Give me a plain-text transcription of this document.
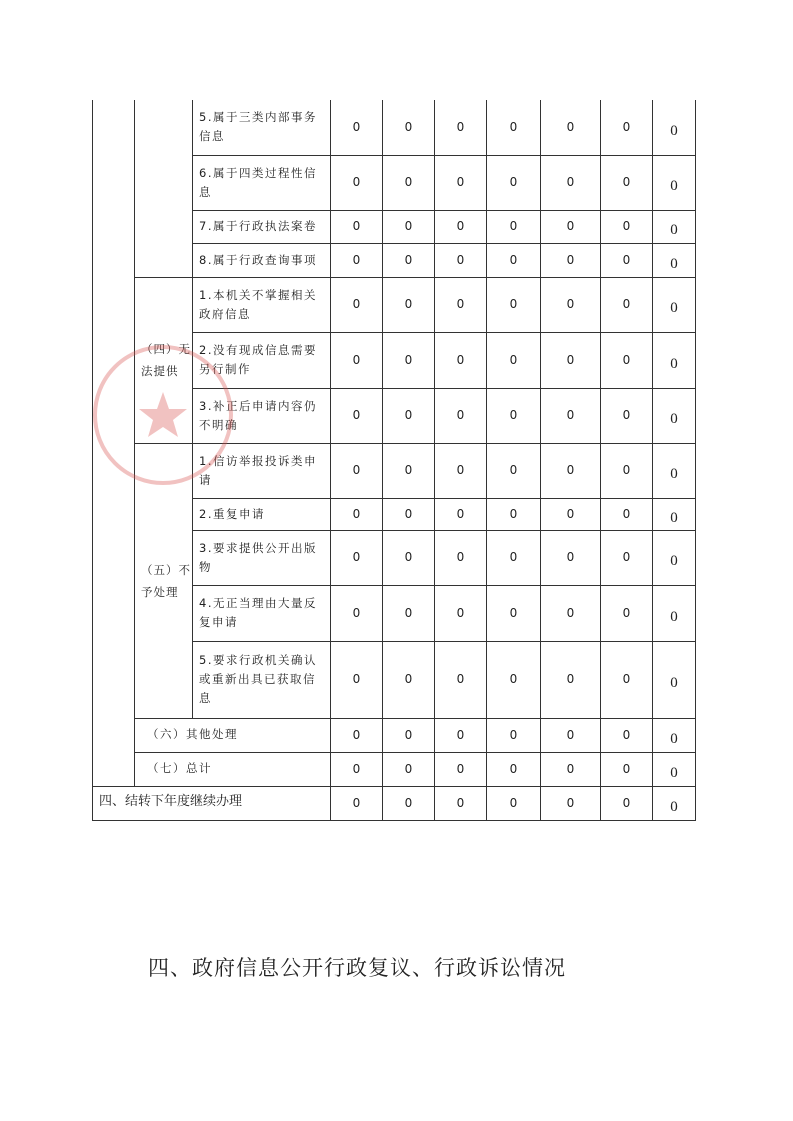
		5.属于三类内部事务信息	0	0	0	0	0	0	0
		6.属于四类过程性信息	0	0	0	0	0	0	0
		7.属于行政执法案卷	0	0	0	0	0	0	0
		8.属于行政查询事项	0	0	0	0	0	0	0
	（四）无法提供	1.本机关不掌握相关政府信息	0	0	0	0	0	0	0
		2.没有现成信息需要另行制作	0	0	0	0	0	0	0
		3.补正后申请内容仍不明确	0	0	0	0	0	0	0
	（五）不予处理	1.信访举报投诉类申请	0	0	0	0	0	0	0
		2.重复申请	0	0	0	0	0	0	0
		3.要求提供公开出版物	0	0	0	0	0	0	0
		4.无正当理由大量反复申请	0	0	0	0	0	0	0
		5.要求行政机关确认或重新出具已获取信息	0	0	0	0	0	0	0
	（六）其他处理		0	0	0	0	0	0	0
	（七）总计		0	0	0	0	0	0	0
四、结转下年度继续办理			0	0	0	0	0	0	0
四、政府信息公开行政复议、行政诉讼情况
